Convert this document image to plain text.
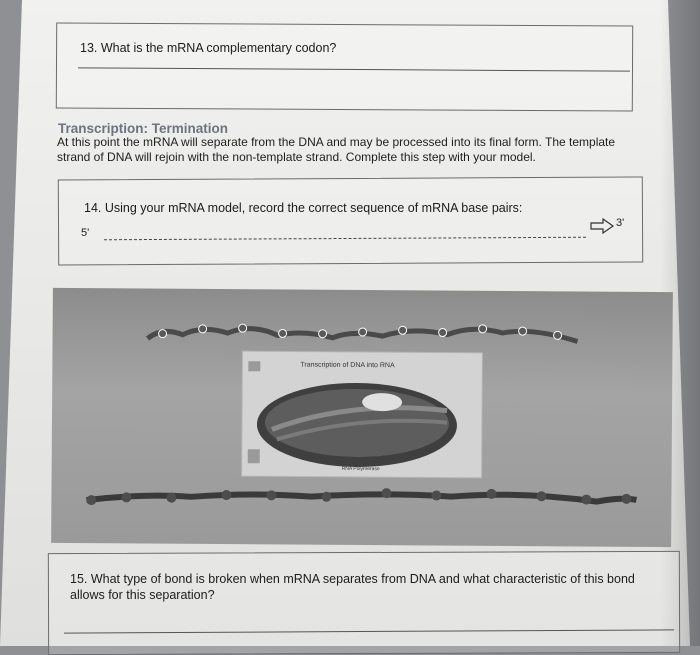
13. What is the mRNA complementary codon?
Transcription: Termination
At this point the mRNA will separate from the DNA and may be processed into its final form. The template strand of DNA will rejoin with the non-template strand. Complete this step with your model.
14. Using your mRNA model, record the correct sequence of mRNA base pairs:
5'
3'
Transcription of DNA into RNA
RNA Polymerase
15. What type of bond is broken when mRNA separates from DNA and what characteristic of this bond allows for this separation?
